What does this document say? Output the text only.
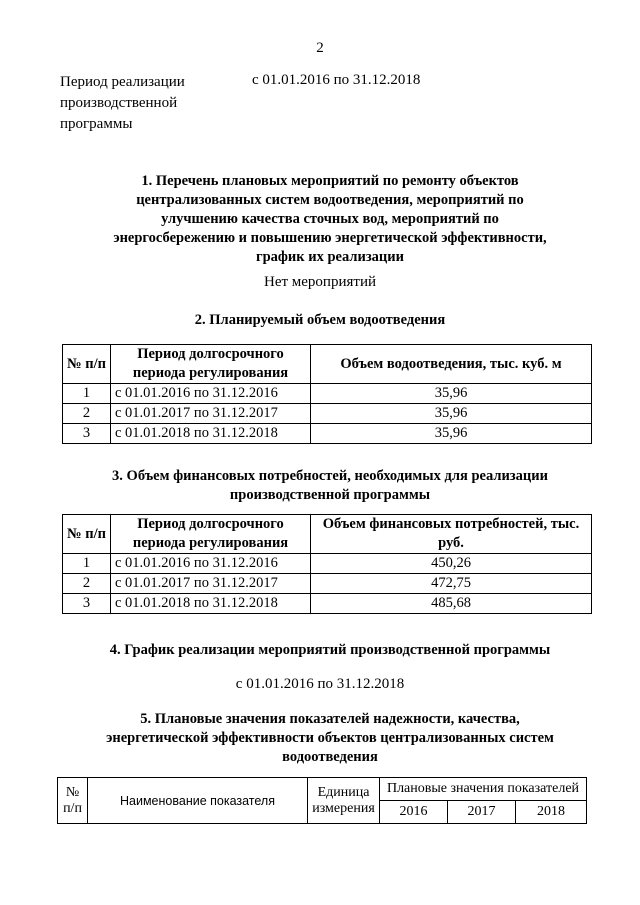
2
Период реализации производственной программы
с 01.01.2016 по 31.12.2018
1. Перечень плановых мероприятий по ремонту объектов централизованных систем водоотведения, мероприятий по улучшению качества сточных вод, мероприятий по энергосбережению и повышению энергетической эффективности, график их реализации
Нет мероприятий
2. Планируемый объем водоотведения
№ п/п	Период долгосрочного периода регулирования	Объем водоотведения, тыс. куб. м
1	с 01.01.2016 по 31.12.2016	35,96
2	с 01.01.2017 по 31.12.2017	35,96
3	с 01.01.2018 по 31.12.2018	35,96
3. Объем финансовых потребностей, необходимых для реализации производственной программы
№ п/п	Период долгосрочного периода регулирования	Объем финансовых потребностей, тыс. руб.
1	с 01.01.2016 по 31.12.2016	450,26
2	с 01.01.2017 по 31.12.2017	472,75
3	с 01.01.2018 по 31.12.2018	485,68
4. График реализации мероприятий производственной программы
с 01.01.2016 по 31.12.2018
5. Плановые значения показателей надежности, качества, энергетической эффективности объектов централизованных систем водоотведения
№ п/п	Наименование показателя	Единица измерения	Плановые значения показателей		
			2016	2017	2018
